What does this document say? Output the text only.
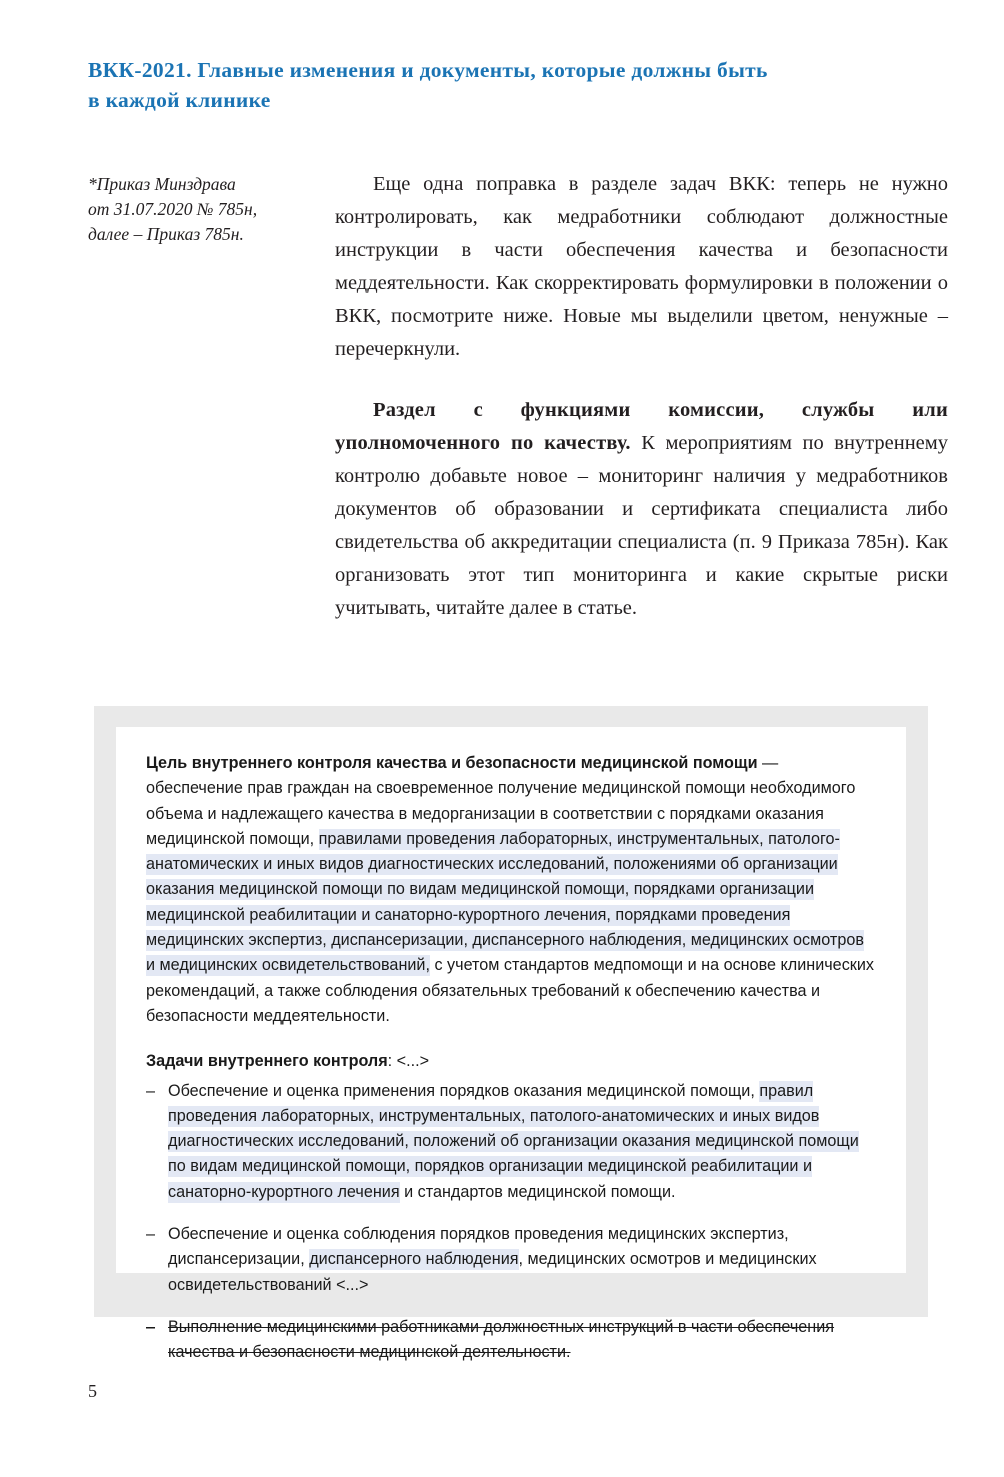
ВКК-2021. Главные изменения и документы, которые должны быть
в каждой клинике
*Приказ Минздрава
от 31.07.2020 № 785н,
далее – Приказ 785н.

Еще одна поправка в разделе задач ВКК: теперь не нужно контролировать, как медработники соблюдают должностные инструкции в части обеспечения качества и безопасности меддеятельности. Как скорректировать формулировки в положении о ВКК, посмотрите ниже. Новые мы выделили цветом, ненужные – перечеркнули.

Раздел с функциями комиссии, службы или уполномоченного по качеству. К мероприятиям по внутреннему контролю добавьте новое – мониторинг наличия у медработников документов об образовании и сертификата специалиста либо свидетельства об аккредитации специалиста (п. 9 Приказа 785н). Как организовать этот тип мониторинга и какие скрытые риски учитывать, читайте далее в статье.

Цель внутреннего контроля качества и безопасности медицинской помощи — обеспечение прав граждан на своевременное получение медицинской помощи необходимого объема и надлежащего качества в медорганизации в соответствии с порядками оказания медицинской помощи, правилами проведения лабораторных, инструментальных, патолого-анатомических и иных видов диагностических исследований, положениями об организации оказания медицинской помощи по видам медицинской помощи, порядками организации медицинской реабилитации и санаторно-курортного лечения, порядками проведения медицинских экспертиз, диспансеризации, диспансерного наблюдения, медицинских осмотров и медицинских освидетельствований, с учетом стандартов медпомощи и на основе клинических рекомендаций, а также соблюдения обязательных требований к обеспечению качества и безопасности меддеятельности.
Задачи внутреннего контроля: <...>
– Обеспечение и оценка применения порядков оказания медицинской помощи, правил проведения лабораторных, инструментальных, патолого-анатомических и иных видов диагностических исследований, положений об организации оказания медицинской помощи по видам медицинской помощи, порядков организации медицинской реабилитации и санаторно-курортного лечения и стандартов медицинской помощи.
– Обеспечение и оценка соблюдения порядков проведения медицинских экспертиз, диспансеризации, диспансерного наблюдения, медицинских осмотров и медицинских освидетельствований <...>
– Выполнение медицинскими работниками должностных инструкций в части обеспечения качества и безопасности медицинской деятельности.
5
